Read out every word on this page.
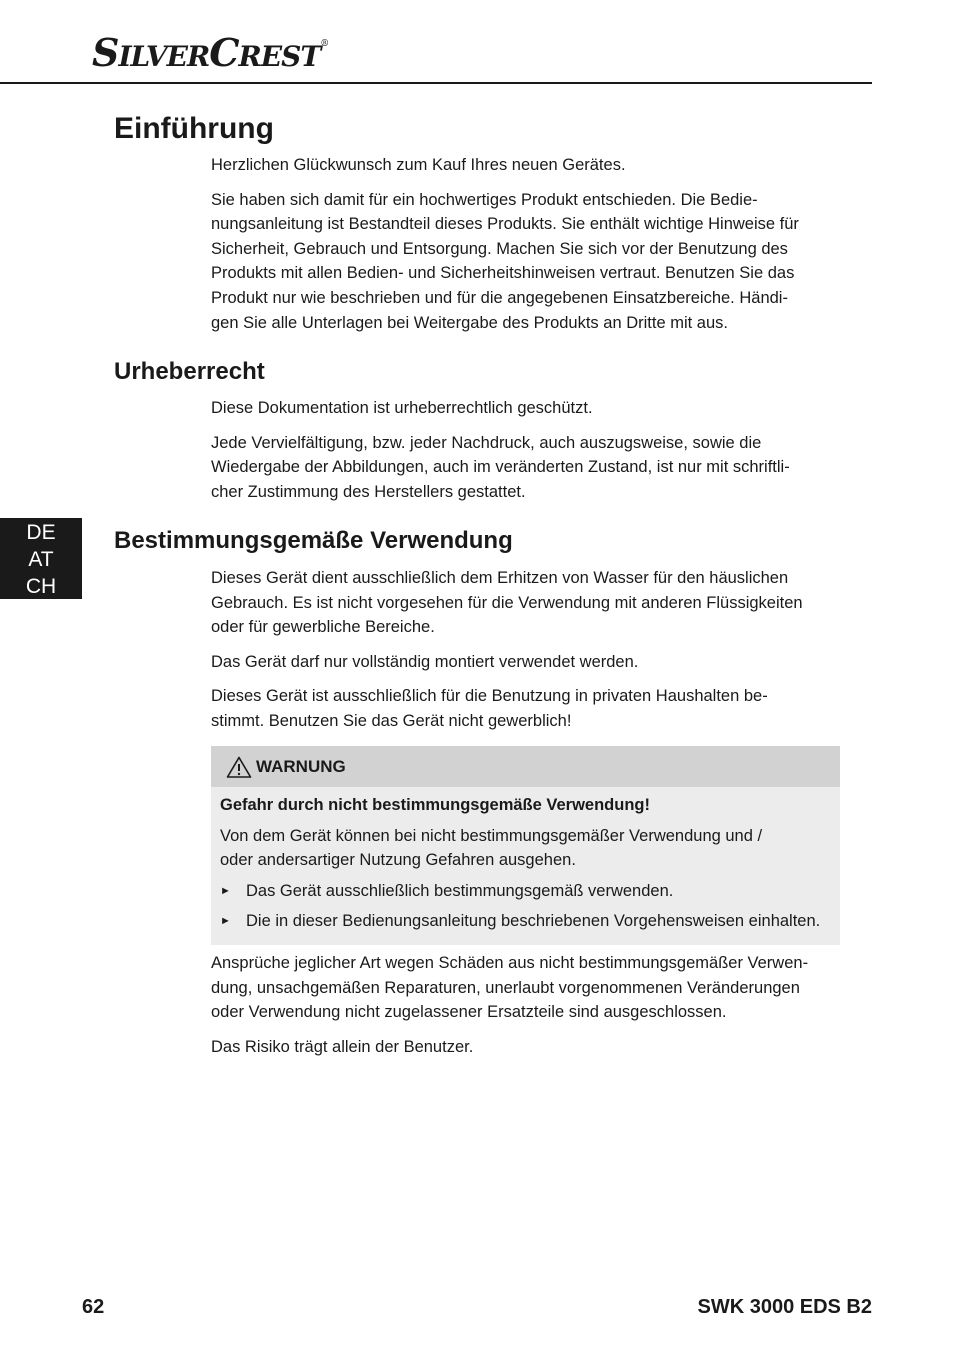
SILVERCREST®
Einführung

Herzlichen Glückwunsch zum Kauf Ihres neuen Gerätes.

Sie haben sich damit für ein hochwertiges Produkt entschieden. Die Bedie-
nungsanleitung ist Bestandteil dieses Produkts. Sie enthält wichtige Hinweise für
Sicherheit, Gebrauch und Entsorgung. Machen Sie sich vor der Benutzung des
Produkts mit allen Bedien- und Sicherheitshinweisen vertraut. Benutzen Sie das
Produkt nur wie beschrieben und für die angegebenen Einsatzbereiche. Händi-
gen Sie alle Unterlagen bei Weitergabe des Produkts an Dritte mit aus.

Urheberrecht

Diese Dokumentation ist urheberrechtlich geschützt.

Jede Vervielfältigung, bzw. jeder Nachdruck, auch auszugsweise, sowie die
Wiedergabe der Abbildungen, auch im veränderten Zustand, ist nur mit schriftli-
cher Zustimmung des Herstellers gestattet.

DE
AT
CH
Bestimmungsgemäße Verwendung

Dieses Gerät dient ausschließlich dem Erhitzen von Wasser für den häuslichen
Gebrauch. Es ist nicht vorgesehen für die Verwendung mit anderen Flüssigkeiten
oder für gewerbliche Bereiche.

Das Gerät darf nur vollständig montiert verwendet werden.

Dieses Gerät ist ausschließlich für die Benutzung in privaten Haushalten be-
stimmt. Benutzen Sie das Gerät nicht gewerblich!

WARNUNG
Gefahr durch nicht bestimmungsgemäße Verwendung!
Von dem Gerät können bei nicht bestimmungsgemäßer Verwendung und /
oder andersartiger Nutzung Gefahren ausgehen.
► Das Gerät ausschließlich bestimmungsgemäß verwenden.
► Die in dieser Bedienungsanleitung beschriebenen Vorgehensweisen einhalten.

Ansprüche jeglicher Art wegen Schäden aus nicht bestimmungsgemäßer Verwen-
dung, unsachgemäßen Reparaturen, unerlaubt vorgenommenen Veränderungen
oder Verwendung nicht zugelassener Ersatzteile sind ausgeschlossen.

Das Risiko trägt allein der Benutzer.

62	SWK 3000 EDS B2
